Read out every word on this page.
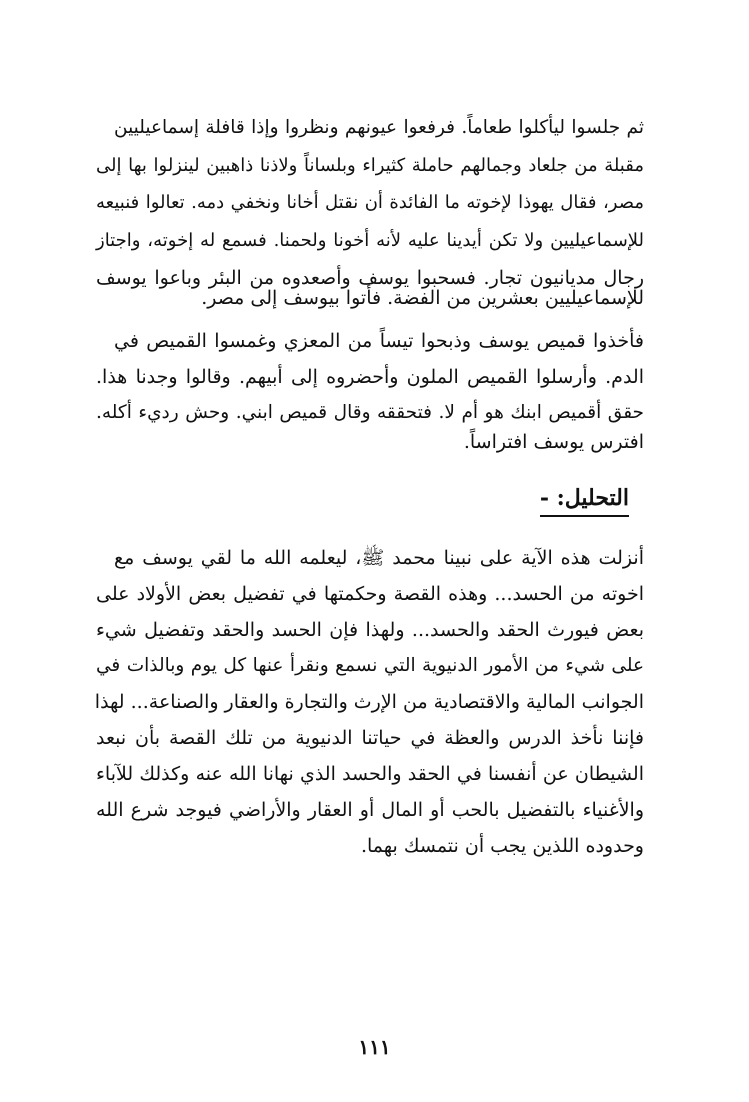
ثم جلسوا ليأكلوا طعاماً. فرفعوا عيونهم ونظروا وإذا قافلة إسماعيليين
مقبلة من جلعاد وجمالهم حاملة كثيراء وبلساناً ولاذنا ذاهبين لينزلوا بها إلى
مصر، فقال يهوذا لإخوته ما الفائدة أن نقتل أخانا ونخفي دمه. تعالوا فنبيعه
للإسماعيليين ولا تكن أيدينا عليه لأنه أخونا ولحمنا. فسمع له إخوته، واجتاز
رجال مديانيون تجار. فسحبوا يوسف وأصعدوه من البئر وباعوا يوسف
للإسماعيليين بعشرين من الفضة. فأتوا بيوسف إلى مصر.
فأخذوا قميص يوسف وذبحوا تيساً من المعزي وغمسوا القميص في
الدم. وأرسلوا القميص الملون وأحضروه إلى أبيهم. وقالوا وجدنا هذا.
حقق أقميص ابنك هو أم لا. فتحققه وقال قميص ابني. وحش رديء أكله.
افترس يوسف افتراساً.
التحليل: -
أنزلت هذه الآية على نبينا محمد ﷺ، ليعلمه الله ما لقي يوسف مع
اخوته من الحسد... وهذه القصة وحكمتها في تفضيل بعض الأولاد على
بعض فيورث الحقد والحسد... ولهذا فإن الحسد والحقد وتفضيل شيء
على شيء من الأمور الدنيوية التي نسمع ونقرأ عنها كل يوم وبالذات في
الجوانب المالية والاقتصادية من الإرث والتجارة والعقار والصناعة... لهذا
فإننا نأخذ الدرس والعظة في حياتنا الدنيوية من تلك القصة بأن نبعد
الشيطان عن أنفسنا في الحقد والحسد الذي نهانا الله عنه وكذلك للآباء
والأغنياء بالتفضيل بالحب أو المال أو العقار والأراضي فيوجد شرع الله
وحدوده اللذين يجب أن نتمسك بهما.
١١١
